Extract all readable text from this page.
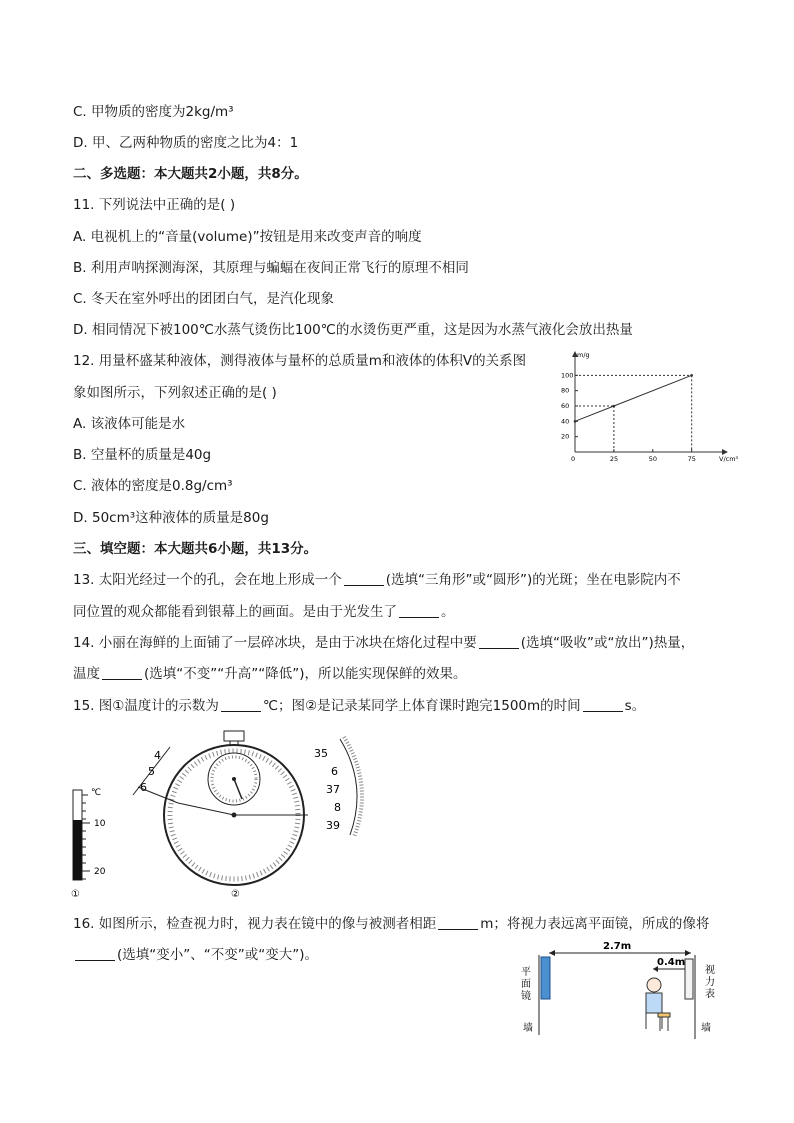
C. 甲物质的密度为2kg/m³
D. 甲、乙两种物质的密度之比为4：1
二、多选题：本大题共2小题，共8分。
11. 下列说法中正确的是( )
A. 电视机上的“音量(volume)”按钮是用来改变声音的响度
B. 利用声呐探测海深，其原理与蝙蝠在夜间正常飞行的原理不相同
C. 冬天在室外呼出的团团白气，是汽化现象
D. 相同情况下被100℃水蒸气烫伤比100℃的水烫伤更严重，这是因为水蒸气液化会放出热量
12. 用量杯盛某种液体，测得液体与量杯的总质量m和液体的体积V的关系图
象如图所示，下列叙述正确的是( )
A. 该液体可能是水
B. 空量杯的质量是40g
C. 液体的密度是0.8g/cm³
D. 50cm³这种液体的质量是80g
0	25	50	75
20
40
60
80
100
m/g
V/cm³
三、填空题：本大题共6小题，共13分。
13. 太阳光经过一个的孔，会在地上形成一个	(选填“三角形”或“圆形”)的光斑；坐在电影院内不
同位置的观众都能看到银幕上的画面。是由于光发生了	。
14. 小丽在海鲜的上面铺了一层碎冰块，是由于冰块在熔化过程中要	(选填“吸收”或“放出”)热量，
温度	(选填“不变”“升高”“降低”)，所以能实现保鲜的效果。
15. 图①温度计的示数为	℃；图②是记录某同学上体育课时跑完1500m的时间	s。
℃
10
20
①	②
4
5
6
35
6
37
8
39
16. 如图所示，检查视力时，视力表在镜中的像与被测者相距	m；将视力表远离平面镜，所成的像将
(选填“变小”、“不变”或“变大”)。
2.7m
0.4m
平
面
镜
墙
视
力
表
墙
